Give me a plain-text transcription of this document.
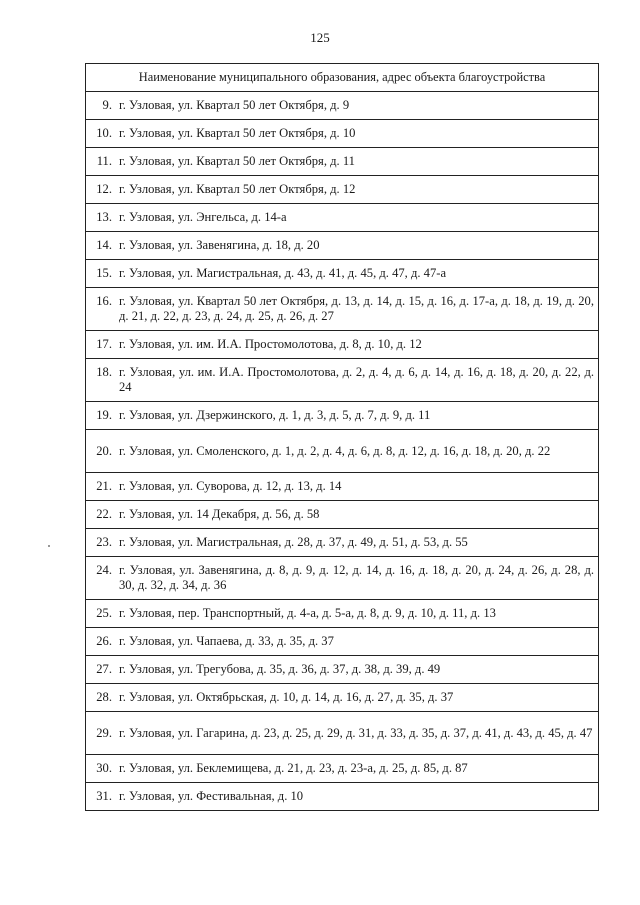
125
Наименование муниципального образования, адрес объекта благоустройства

9. г. Узловая, ул. Квартал 50 лет Октября, д. 9

10. г. Узловая, ул. Квартал 50 лет Октября, д. 10

11. г. Узловая, ул. Квартал 50 лет Октября, д. 11

12. г. Узловая, ул. Квартал 50 лет Октября, д. 12

13. г. Узловая, ул. Энгельса, д. 14-а

14. г. Узловая, ул. Завенягина, д. 18, д. 20

15. г. Узловая, ул. Магистральная, д. 43, д. 41, д. 45, д. 47, д. 47-а

16. г. Узловая, ул. Квартал 50 лет Октября, д. 13, д. 14, д. 15, д. 16, д. 17-а, д. 18, д. 19, д. 20, д. 21, д. 22, д. 23, д. 24, д. 25, д. 26, д. 27

17. г. Узловая, ул. им. И.А. Простомолотова, д. 8, д. 10, д. 12

18. г. Узловая, ул. им. И.А. Простомолотова, д. 2, д. 4, д. 6, д. 14, д. 16, д. 18, д. 20, д. 22, д. 24

19. г. Узловая, ул. Дзержинского, д. 1, д. 3, д. 5, д. 7, д. 9, д. 11

20. г. Узловая, ул. Смоленского, д. 1, д. 2, д. 4, д. 6, д. 8, д. 12, д. 16, д. 18, д. 20, д. 22

21. г. Узловая, ул. Суворова, д. 12, д. 13, д. 14

22. г. Узловая, ул. 14 Декабря, д. 56, д. 58

23. г. Узловая, ул. Магистральная, д. 28, д. 37, д. 49, д. 51, д. 53, д. 55

24. г. Узловая, ул. Завенягина, д. 8, д. 9, д. 12, д. 14, д. 16, д. 18, д. 20, д. 24, д. 26, д. 28, д. 30, д. 32, д. 34, д. 36

25. г. Узловая, пер. Транспортный, д. 4-а, д. 5-а, д. 8, д. 9, д. 10, д. 11, д. 13

26. г. Узловая, ул. Чапаева, д. 33, д. 35, д. 37

27. г. Узловая, ул. Трегубова, д. 35, д. 36, д. 37, д. 38, д. 39, д. 49

28. г. Узловая, ул. Октябрьская, д. 10, д. 14, д. 16, д. 27, д. 35, д. 37

29. г. Узловая, ул. Гагарина, д. 23, д. 25, д. 29, д. 31, д. 33, д. 35, д. 37, д. 41, д. 43, д. 45, д. 47

30. г. Узловая, ул. Беклемищева, д. 21, д. 23, д. 23-а, д. 25, д. 85, д. 87

31. г. Узловая, ул. Фестивальная, д. 10
